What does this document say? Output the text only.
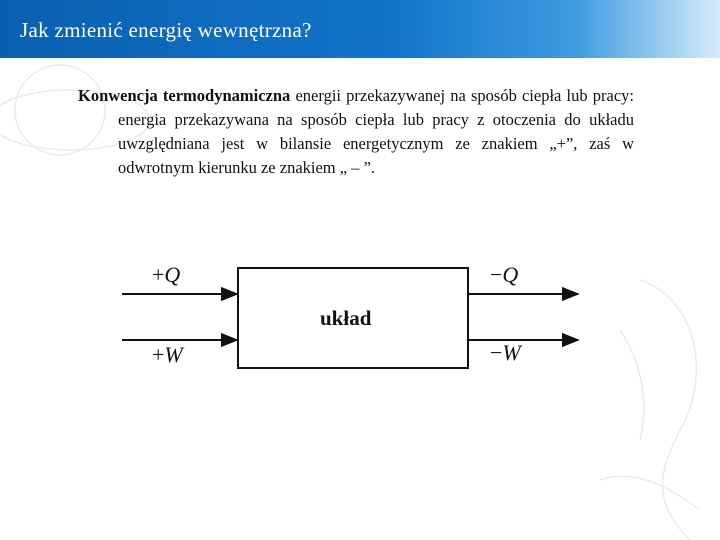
Jak zmienić energię wewnętrzna?

Konwencja termodynamiczna energii przekazywanej na sposób ciepła lub pracy: energia przekazywana na sposób ciepła lub pracy z otoczenia do układu uwzględniana jest w bilansie energetycznym ze znakiem „+”, zaś w odwrotnym kierunku ze znakiem „ – ”.

+Q
+W
−Q
−W
układ
